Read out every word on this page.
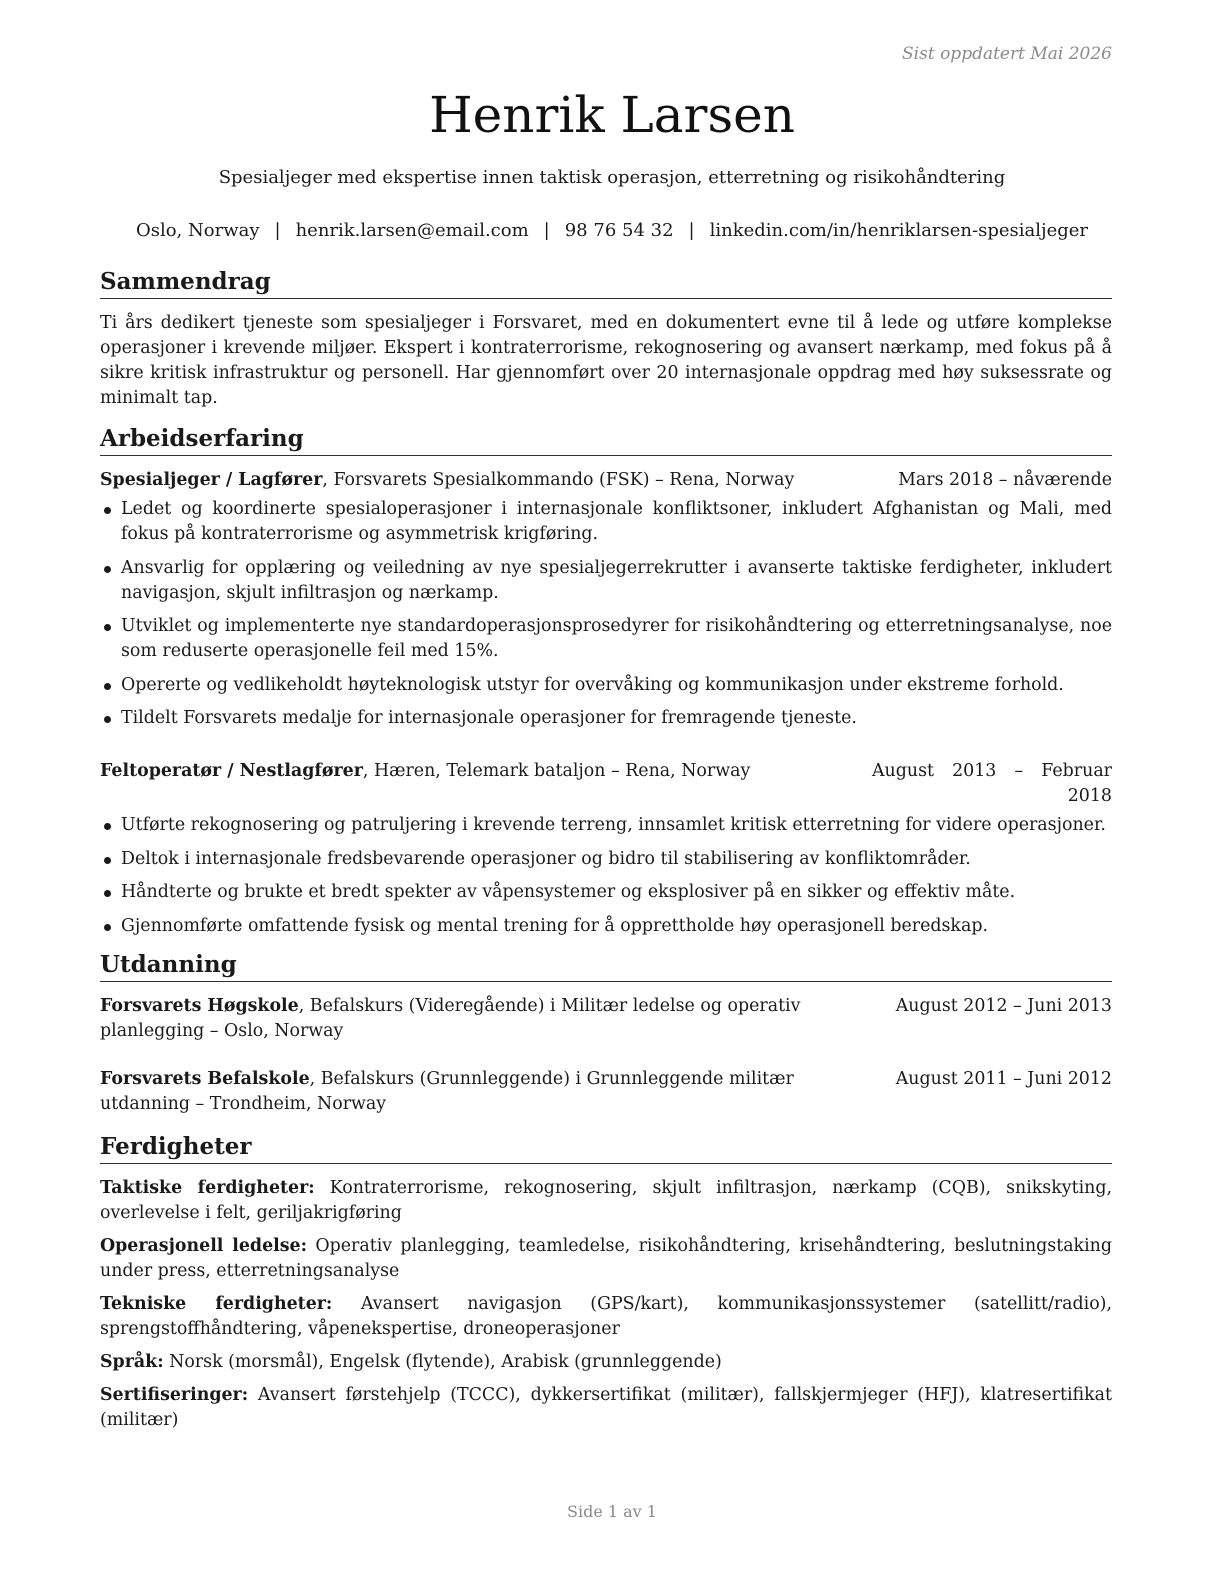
Sist oppdatert Mai 2026
Henrik Larsen
Spesialjeger med ekspertise innen taktisk operasjon, etterretning og risikohåndtering
Oslo, Norway | henrik.larsen@email.com | 98 76 54 32 | linkedin.com/in/henriklarsen-spesialjeger
Sammendrag
Ti års dedikert tjeneste som spesialjeger i Forsvaret, med en dokumentert evne til å lede og utføre komplekse operasjoner i krevende miljøer. Ekspert i kontraterrorisme, rekognosering og avansert nærkamp, med fokus på å sikre kritisk infrastruktur og personell. Har gjennomført over 20 internasjonale oppdrag med høy suksessrate og minimalt tap.
Arbeidserfaring
Spesialjeger / Lagfører, Forsvarets Spesialkommando (FSK) – Rena, Norway	Mars 2018 – nåværende
Ledet og koordinerte spesialoperasjoner i internasjonale konfliktsoner, inkludert Afghanistan og Mali, med fokus på kontraterrorisme og asymmetrisk krigføring.
Ansvarlig for opplæring og veiledning av nye spesialjegerrekrutter i avanserte taktiske ferdigheter, inkludert navigasjon, skjult infiltrasjon og nærkamp.
Utviklet og implementerte nye standardoperasjonsprosedyrer for risikohåndtering og etterretningsanalyse, noe som reduserte operasjonelle feil med 15%.
Opererte og vedlikeholdt høyteknologisk utstyr for overvåking og kommunikasjon under ekstreme forhold.
Tildelt Forsvarets medalje for internasjonale operasjoner for fremragende tjeneste.
Feltoperatør / Nestlagfører, Hæren, Telemark bataljon – Rena, Norway	August 2013 – Februar 2018
Utførte rekognosering og patruljering i krevende terreng, innsamlet kritisk etterretning for videre operasjoner.
Deltok i internasjonale fredsbevarende operasjoner og bidro til stabilisering av konfliktområder.
Håndterte og brukte et bredt spekter av våpensystemer og eksplosiver på en sikker og effektiv måte.
Gjennomførte omfattende fysisk og mental trening for å opprettholde høy operasjonell beredskap.
Utdanning
Forsvarets Høgskole, Befalskurs (Videregående) i Militær ledelse og operativ planlegging – Oslo, Norway
August 2012 – Juni 2013
Forsvarets Befalskole, Befalskurs (Grunnleggende) i Grunnleggende militær utdanning – Trondheim, Norway
August 2011 – Juni 2012
Ferdigheter
Taktiske ferdigheter: Kontraterrorisme, rekognosering, skjult infiltrasjon, nærkamp (CQB), snikskyting, overlevelse i felt, geriljakrigføring
Operasjonell ledelse: Operativ planlegging, teamledelse, risikohåndtering, krisehåndtering, beslutningstaking under press, etterretningsanalyse
Tekniske ferdigheter: Avansert navigasjon (GPS/kart), kommunikasjonssystemer (satellitt/radio), sprengstoffhåndtering, våpenekspertise, droneoperasjoner
Språk: Norsk (morsmål), Engelsk (flytende), Arabisk (grunnleggende)
Sertifiseringer: Avansert førstehjelp (TCCC), dykkersertifikat (militær), fallskjermjeger (HFJ), klatresertifikat (militær)
Side 1 av 1
